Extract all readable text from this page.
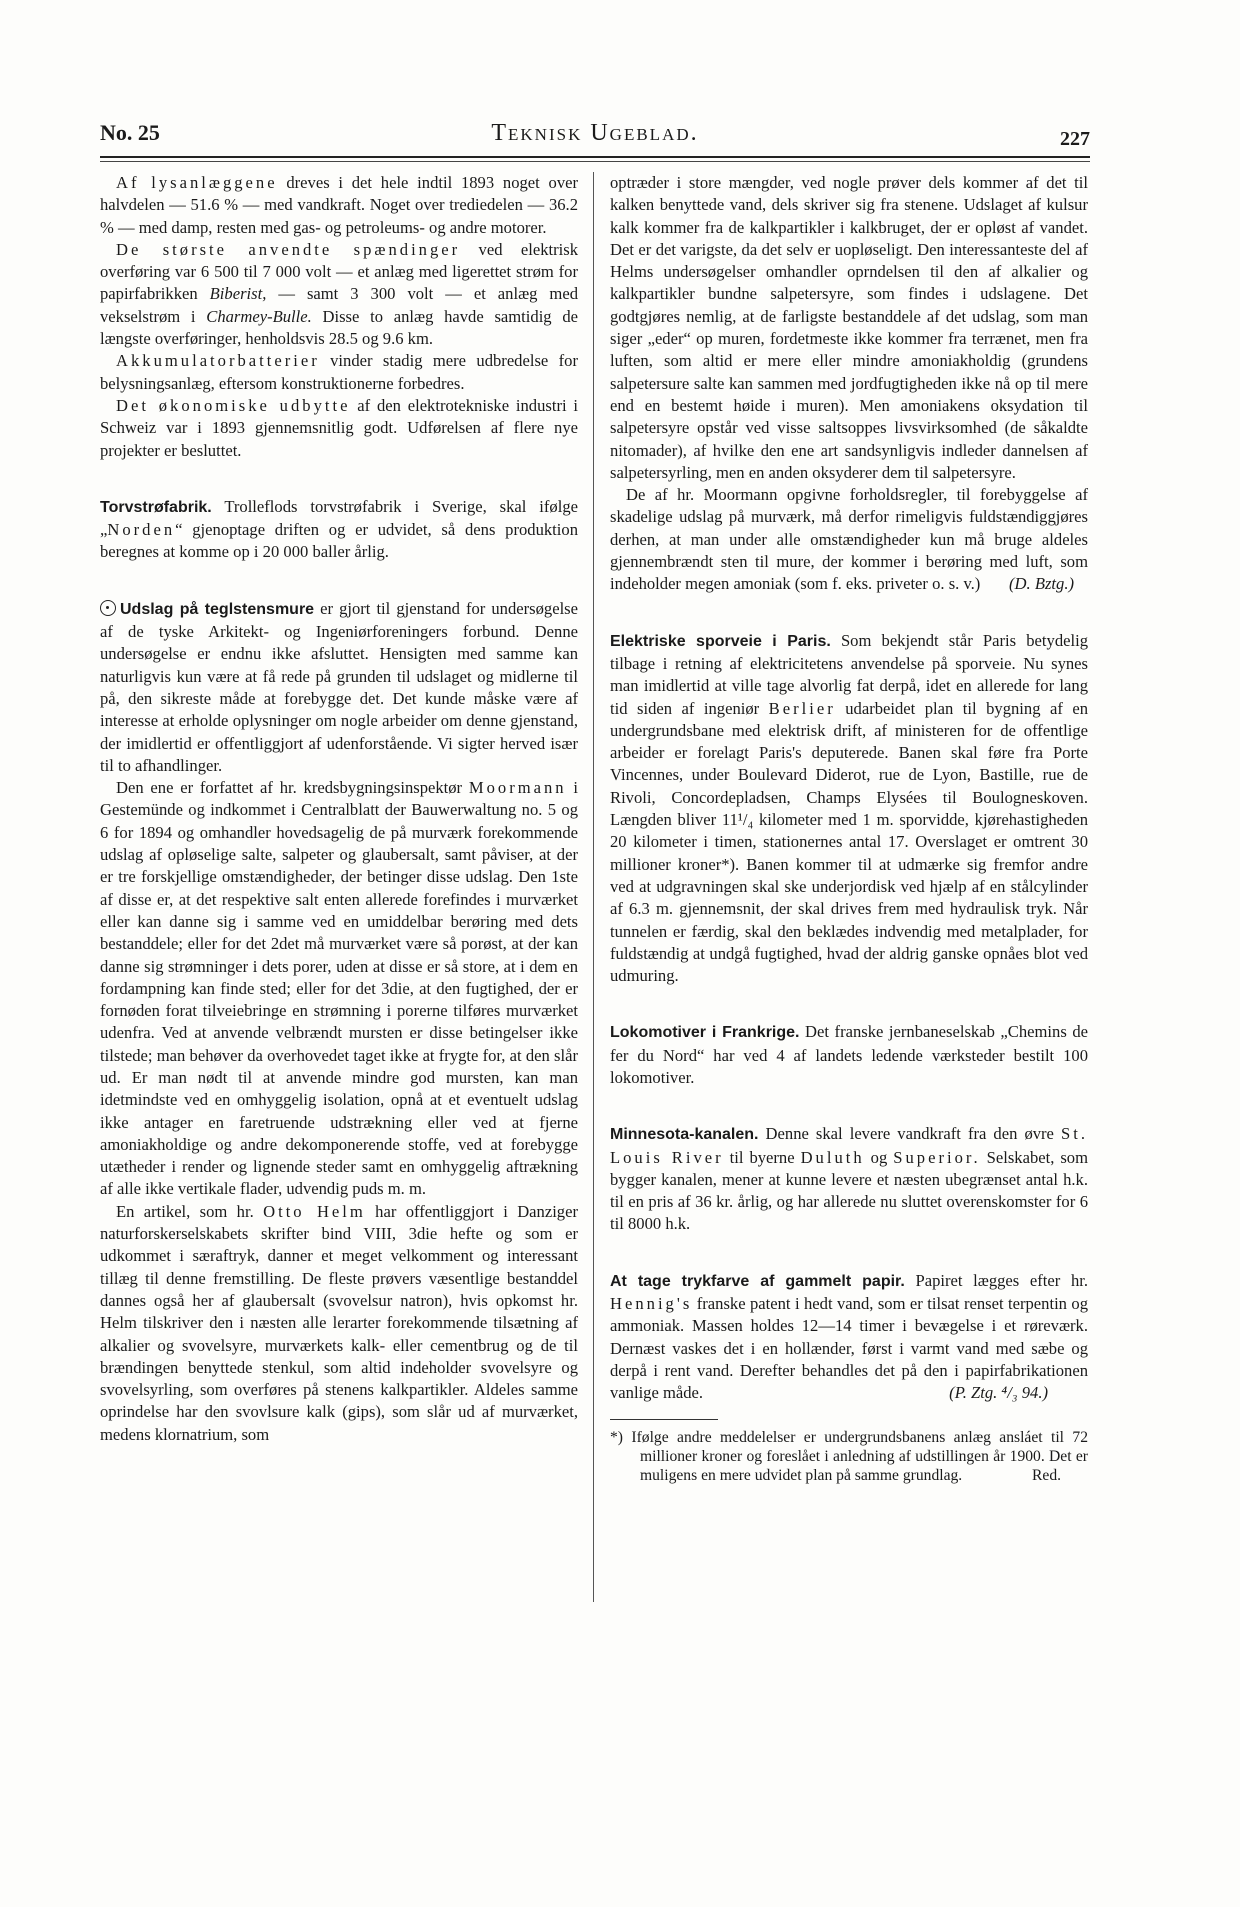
No. 25	Teknisk Ugeblad.	227

Af lysanlæggene dreves i det hele indtil 1893 noget over halvdelen — 51.6 % — med vandkraft. Noget over trediedelen — 36.2 % — med damp, resten med gas- og petroleums- og andre motorer.

De største anvendte spændinger ved elektrisk overføring var 6 500 til 7 000 volt — et anlæg med ligerettet strøm for papirfabrikken Biberist, — samt 3 300 volt — et anlæg med vekselstrøm i Charmey-Bulle. Disse to anlæg havde samtidig de længste overføringer, henholdsvis 28.5 og 9.6 km.

Akkumulatorbatterier vinder stadig mere udbredelse for belysningsanlæg, eftersom konstruktionerne forbedres.

Det økonomiske udbytte af den elektrotekniske industri i Schweiz var i 1893 gjennemsnitlig godt. Udførelsen af flere nye projekter er besluttet.

Torvstrøfabrik. Trolleflods torvstrøfabrik i Sverige, skal ifølge „Norden“ gjenoptage driften og er udvidet, så dens produktion beregnes at komme op i 20 000 baller årlig.

Udslag på teglstensmure er gjort til gjenstand for undersøgelse af de tyske Arkitekt- og Ingeniørforeningers forbund. Denne undersøgelse er endnu ikke afsluttet. Hensigten med samme kan naturligvis kun være at få rede på grunden til udslaget og midlerne til på, den sikreste måde at forebygge det. Det kunde måske være af interesse at erholde oplysninger om nogle arbeider om denne gjenstand, der imidlertid er offentliggjort af udenforstående. Vi sigter herved især til to afhandlinger.

Den ene er forfattet af hr. kredsbygningsinspektør Moormann i Gestemünde og indkommet i Centralblatt der Bauwerwaltung no. 5 og 6 for 1894 og omhandler hovedsagelig de på murværk forekommende udslag af opløselige salte, salpeter og glaubersalt, samt påviser, at der er tre forskjellige omstændigheder, der betinger disse udslag. Den 1ste af disse er, at det respektive salt enten allerede forefindes i murværket eller kan danne sig i samme ved en umiddelbar berøring med dets bestanddele; eller for det 2det må murværket være så porøst, at der kan danne sig strømninger i dets porer, uden at disse er så store, at i dem en fordampning kan finde sted; eller for det 3die, at den fugtighed, der er fornøden forat tilveiebringe en strømning i porerne tilføres murværket udenfra. Ved at anvende velbrændt mursten er disse betingelser ikke tilstede; man behøver da overhovedet taget ikke at frygte for, at den slår ud. Er man nødt til at anvende mindre god mursten, kan man idetmindste ved en omhyggelig isolation, opnå at et eventuelt udslag ikke antager en faretruende udstrækning eller ved at fjerne amoniakholdige og andre dekomponerende stoffe, ved at forebygge utætheder i render og lignende steder samt en omhyggelig aftrækning af alle ikke vertikale flader, udvendig puds m. m.

En artikel, som hr. Otto Helm har offentliggjort i Danziger naturforskerselskabets skrifter bind VIII, 3die hefte og som er udkommet i særaftryk, danner et meget velkomment og interessant tillæg til denne fremstilling. De fleste prøvers væsentlige bestanddel dannes også her af glaubersalt (svovelsur natron), hvis opkomst hr. Helm tilskriver den i næsten alle lerarter forekommende tilsætning af alkalier og svovelsyre, murværkets kalk- eller cementbrug og de til brændingen benyttede stenkul, som altid indeholder svovelsyre og svovelsyrling, som overføres på stenens kalkpartikler. Aldeles samme oprindelse har den svovlsure kalk (gips), som slår ud af murværket, medens klornatrium, som

optræder i store mængder, ved nogle prøver dels kommer af det til kalken benyttede vand, dels skriver sig fra stenene. Udslaget af kulsur kalk kommer fra de kalkpartikler i kalkbruget, der er opløst af vandet. Det er det varigste, da det selv er uopløseligt. Den interessanteste del af Helms undersøgelser omhandler oprndelsen til den af alkalier og kalkpartikler bundne salpetersyre, som findes i udslagene. Det godtgjøres nemlig, at de farligste bestanddele af det udslag, som man siger „eder“ op muren, fordetmeste ikke kommer fra terrænet, men fra luften, som altid er mere eller mindre amoniakholdig (grundens salpetersure salte kan sammen med jordfugtigheden ikke nå op til mere end en bestemt høide i muren). Men amoniakens oksydation til salpetersyre opstår ved visse saltsoppes livsvirksomhed (de såkaldte nitomader), af hvilke den ene art sandsynligvis indleder dannelsen af salpetersyrling, men en anden oksyderer dem til salpetersyre.

De af hr. Moormann opgivne forholdsregler, til forebyggelse af skadelige udslag på murværk, må derfor rimeligvis fuldstændiggjøres derhen, at man under alle omstændigheder kun må bruge aldeles gjennembrændt sten til mure, der kommer i berøring med luft, som indeholder megen amoniak (som f. eks. priveter o. s. v.)	(D. Bztg.)

Elektriske sporveie i Paris. Som bekjendt står Paris betydelig tilbage i retning af elektricitetens anvendelse på sporveie. Nu synes man imidlertid at ville tage alvorlig fat derpå, idet en allerede for lang tid siden af ingeniør Berlier udarbeidet plan til bygning af en undergrundsbane med elektrisk drift, af ministeren for de offentlige arbeider er forelagt Paris's deputerede. Banen skal føre fra Porte Vincennes, under Boulevard Diderot, rue de Lyon, Bastille, rue de Rivoli, Concordepladsen, Champs Elysées til Boulogneskoven. Længden bliver 11¹/₄ kilometer med 1 m. sporvidde, kjørehastigheden 20 kilometer i timen, stationernes antal 17. Overslaget er omtrent 30 millioner kroner*). Banen kommer til at udmærke sig fremfor andre ved at udgravningen skal ske underjordisk ved hjælp af en stålcylinder af 6.3 m. gjennemsnit, der skal drives frem med hydraulisk tryk. Når tunnelen er færdig, skal den beklædes indvendig med metalplader, for fuldstændig at undgå fugtighed, hvad der aldrig ganske opnåes blot ved udmuring.

Lokomotiver i Frankrige. Det franske jernbaneselskab „Chemins de fer du Nord“ har ved 4 af landets ledende værksteder bestilt 100 lokomotiver.

Minnesota-kanalen. Denne skal levere vandkraft fra den øvre St. Louis River til byerne Duluth og Superior. Selskabet, som bygger kanalen, mener at kunne levere et næsten ubegrænset antal h.k. til en pris af 36 kr. årlig, og har allerede nu sluttet overenskomster for 6 til 8000 h.k.

At tage trykfarve af gammelt papir. Papiret lægges efter hr. Hennig's franske patent i hedt vand, som er tilsat renset terpentin og ammoniak. Massen holdes 12—14 timer i bevægelse i et røreværk. Dernæst vaskes det i en hollænder, først i varmt vand med sæbe og derpå i rent vand. Derefter behandles det på den i papirfabrikationen vanlige måde.	(P. Ztg. ⁴/₃ 94.)

*) Ifølge andre meddelelser er undergrundsbanens anlæg ansláet til 72 millioner kroner og foreslået i anledning af udstillingen år 1900. Det er muligens en mere udvidet plan på samme grundlag.	Red.
